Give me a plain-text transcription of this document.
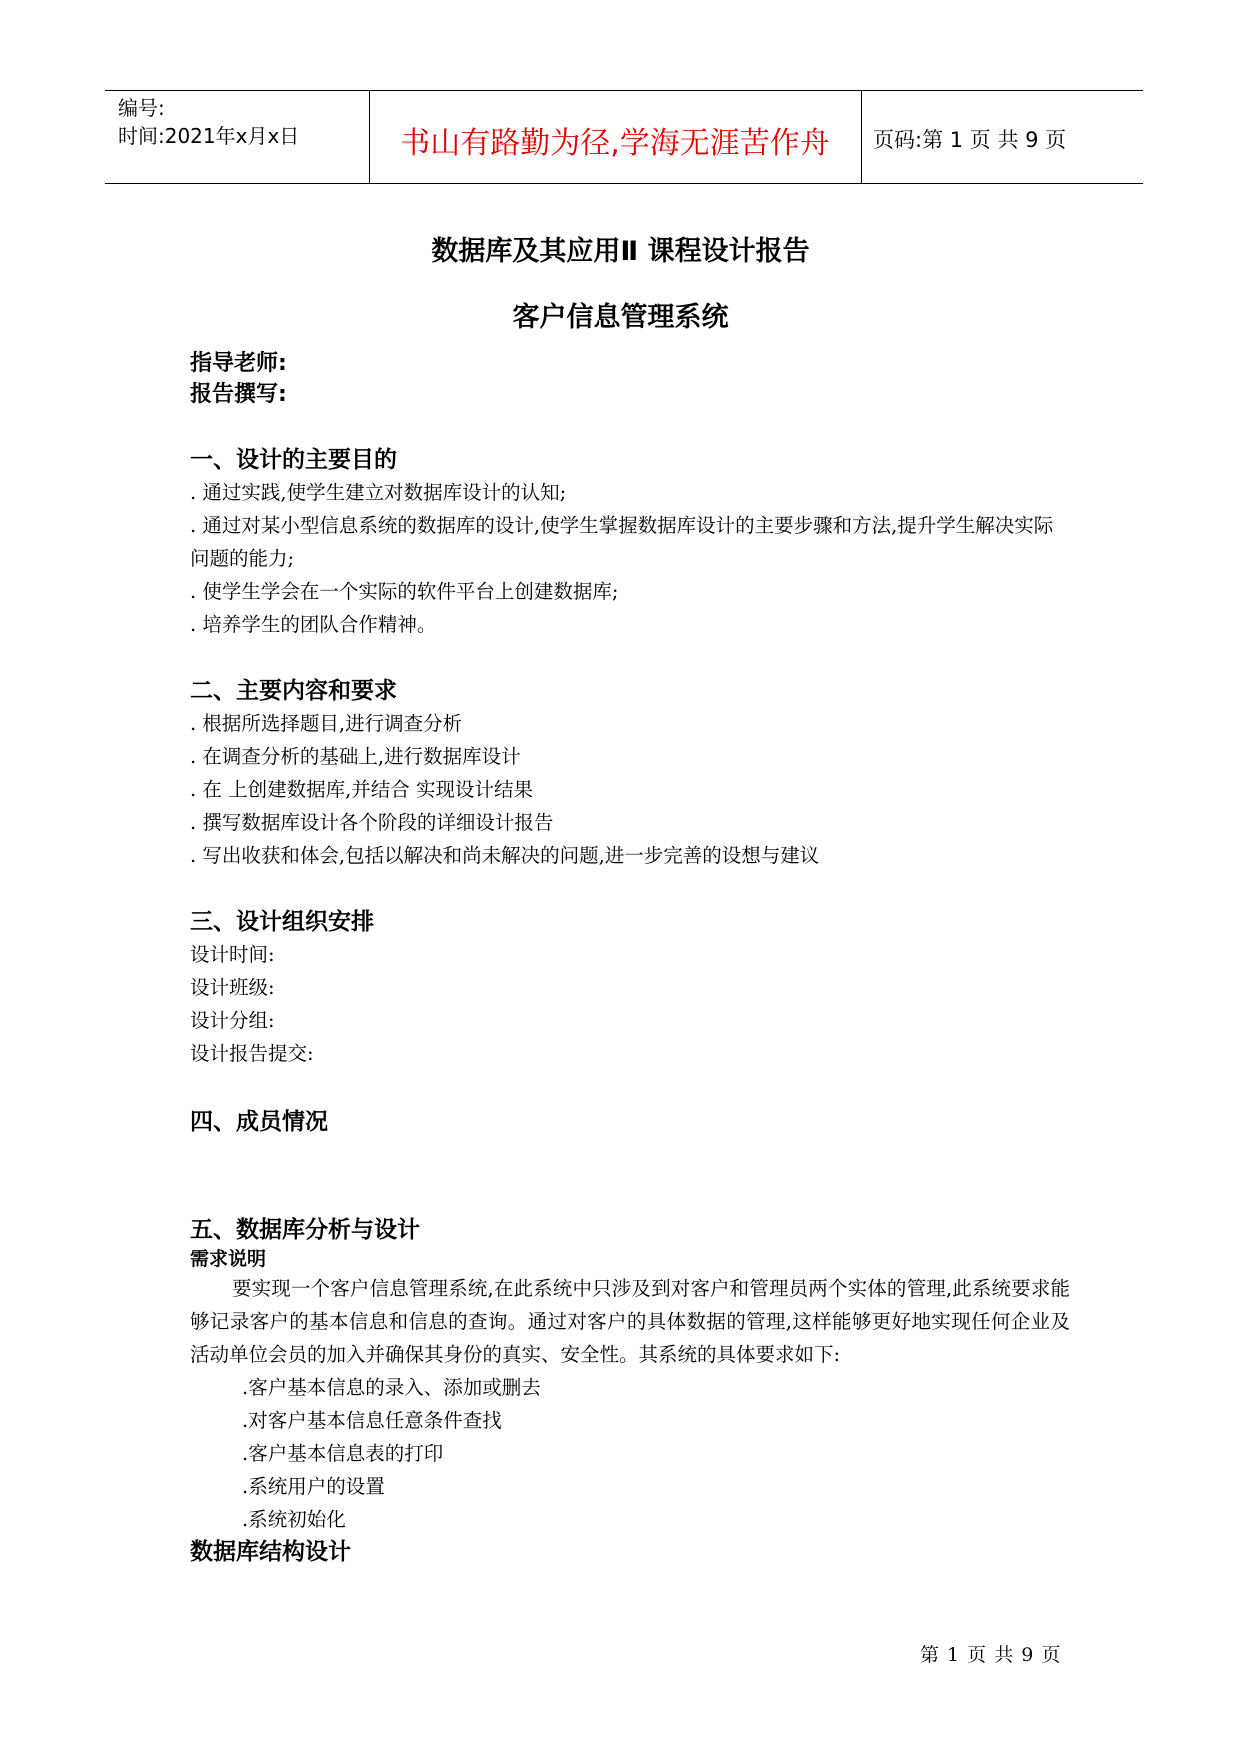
编号:
时间:2021年x月x日	书山有路勤为径,学海无涯苦作舟	页码:第 1 页 共 9 页
数据库及其应用Ⅱ 课程设计报告
客户信息管理系统
指导老师:
报告撰写:
一、设计的主要目的
. 通过实践,使学生建立对数据库设计的认知;
. 通过对某小型信息系统的数据库的设计,使学生掌握数据库设计的主要步骤和方法,提升学生解决实际问题的能力;
. 使学生学会在一个实际的软件平台上创建数据库;
. 培养学生的团队合作精神。
二、主要内容和要求
. 根据所选择题目,进行调查分析
. 在调查分析的基础上,进行数据库设计
. 在 上创建数据库,并结合 实现设计结果
. 撰写数据库设计各个阶段的详细设计报告
. 写出收获和体会,包括以解决和尚未解决的问题,进一步完善的设想与建议
三、设计组织安排
设计时间:
设计班级:
设计分组:
设计报告提交:
四、成员情况
五、数据库分析与设计
需求说明
要实现一个客户信息管理系统,在此系统中只涉及到对客户和管理员两个实体的管理,此系统要求能够记录客户的基本信息和信息的查询。通过对客户的具体数据的管理,这样能够更好地实现任何企业及活动单位会员的加入并确保其身份的真实、安全性。其系统的具体要求如下:
.客户基本信息的录入、添加或删去
.对客户基本信息任意条件查找
.客户基本信息表的打印
.系统用户的设置
.系统初始化
数据库结构设计
第 1 页 共 9 页
